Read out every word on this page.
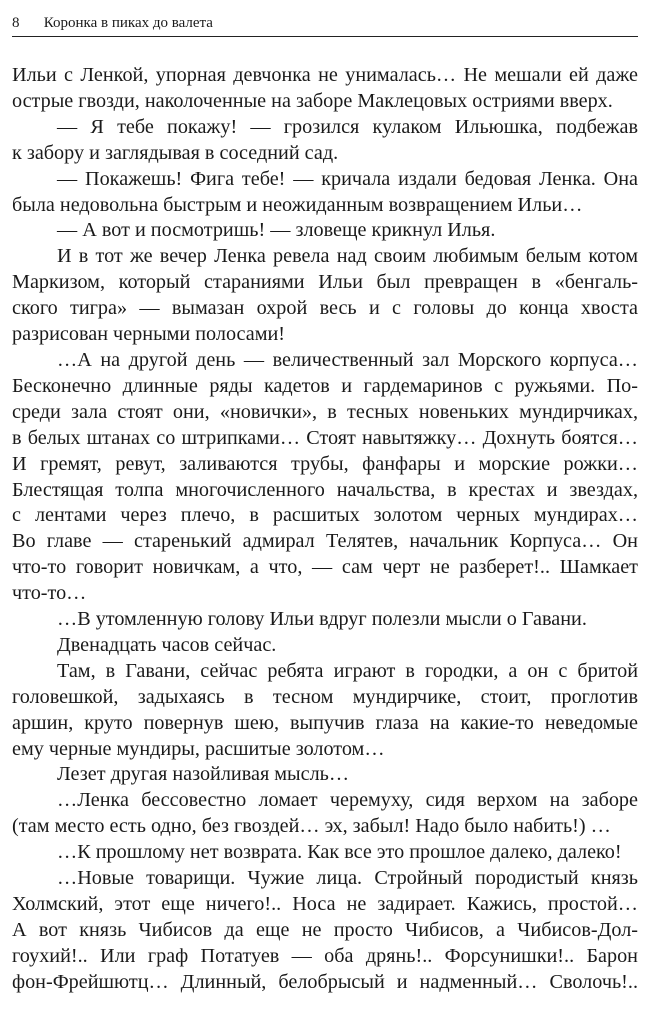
8 Коронка в пиках до валета
Ильи с Ленкой, упорная девчонка не унималась… Не мешали ей даже
острые гвозди, наколоченные на заборе Маклецовых остриями вверх.
— Я тебе покажу! — грозился кулаком Ильюшка, подбежав
к забору и заглядывая в соседний сад.
— Покажешь! Фига тебе! — кричала издали бедовая Ленка. Она
была недовольна быстрым и неожиданным возвращением Ильи…
— А вот и посмотришь! — зловеще крикнул Илья.
И в тот же вечер Ленка ревела над своим любимым белым котом
Маркизом, который стараниями Ильи был превращен в «бенгаль-
ского тигра» — вымазан охрой весь и с головы до конца хвоста
разрисован черными полосами!
…А на другой день — величественный зал Морского корпуса…
Бесконечно длинные ряды кадетов и гардемаринов с ружьями. По-
среди зала стоят они, «новички», в тесных новеньких мундирчиках,
в белых штанах со штрипками… Стоят навытяжку… Дохнуть боятся…
И гремят, ревут, заливаются трубы, фанфары и морские рожки…
Блестящая толпа многочисленного начальства, в крестах и звездах,
с лентами через плечо, в расшитых золотом черных мундирах…
Во главе — старенький адмирал Телятев, начальник Корпуса… Он
что-то говорит новичкам, а что, — сам черт не разберет!.. Шамкает
что-то…
…В утомленную голову Ильи вдруг полезли мысли о Гавани.
Двенадцать часов сейчас.
Там, в Гавани, сейчас ребята играют в городки, а он с бритой
головешкой, задыхаясь в тесном мундирчике, стоит, проглотив
аршин, круто повернув шею, выпучив глаза на какие-то неведомые
ему черные мундиры, расшитые золотом…
Лезет другая назойливая мысль…
…Ленка бессовестно ломает черемуху, сидя верхом на заборе
(там место есть одно, без гвоздей… эх, забыл! Надо было набить!) …
…К прошлому нет возврата. Как все это прошлое далеко, далеко!
…Новые товарищи. Чужие лица. Стройный породистый князь
Холмский, этот еще ничего!.. Носа не задирает. Кажись, простой…
А вот князь Чибисов да еще не просто Чибисов, а Чибисов-Дол-
гоухий!.. Или граф Потатуев — оба дрянь!.. Форсунишки!.. Барон
фон-Фрейшютц… Длинный, белобрысый и надменный… Сволочь!..
